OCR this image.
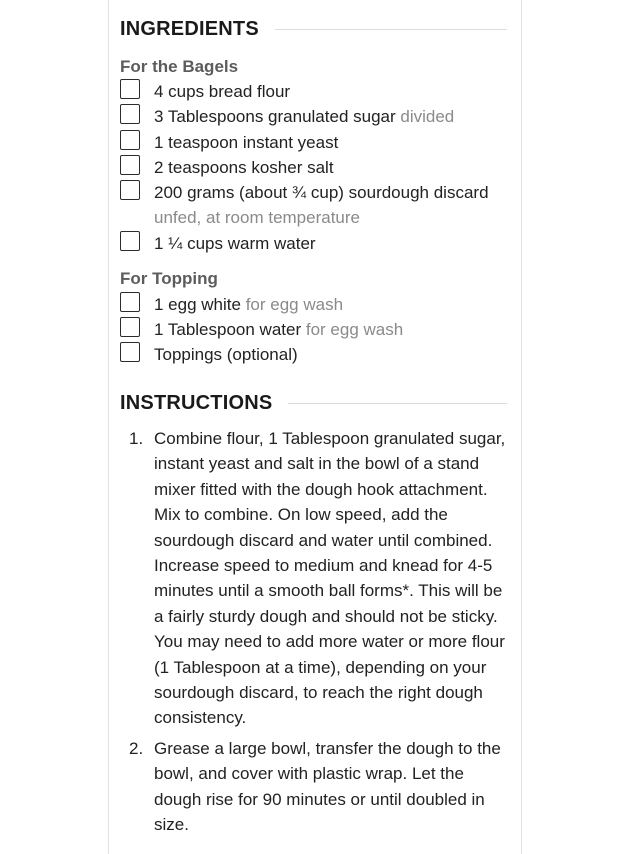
INGREDIENTS
For the Bagels
4 cups bread flour
3 Tablespoons granulated sugar divided
1 teaspoon instant yeast
2 teaspoons kosher salt
200 grams (about ¾ cup) sourdough discard
unfed, at room temperature
1 ¼ cups warm water
For Topping
1 egg white for egg wash
1 Tablespoon water for egg wash
Toppings (optional)
INSTRUCTIONS
1. Combine flour, 1 Tablespoon granulated sugar,
instant yeast and salt in the bowl of a stand
mixer fitted with the dough hook attachment.
Mix to combine. On low speed, add the
sourdough discard and water until combined.
Increase speed to medium and knead for 4-5
minutes until a smooth ball forms*. This will be
a fairly sturdy dough and should not be sticky.
You may need to add more water or more flour
(1 Tablespoon at a time), depending on your
sourdough discard, to reach the right dough
consistency.
2. Grease a large bowl, transfer the dough to the
bowl, and cover with plastic wrap. Let the
dough rise for 90 minutes or until doubled in
size.
